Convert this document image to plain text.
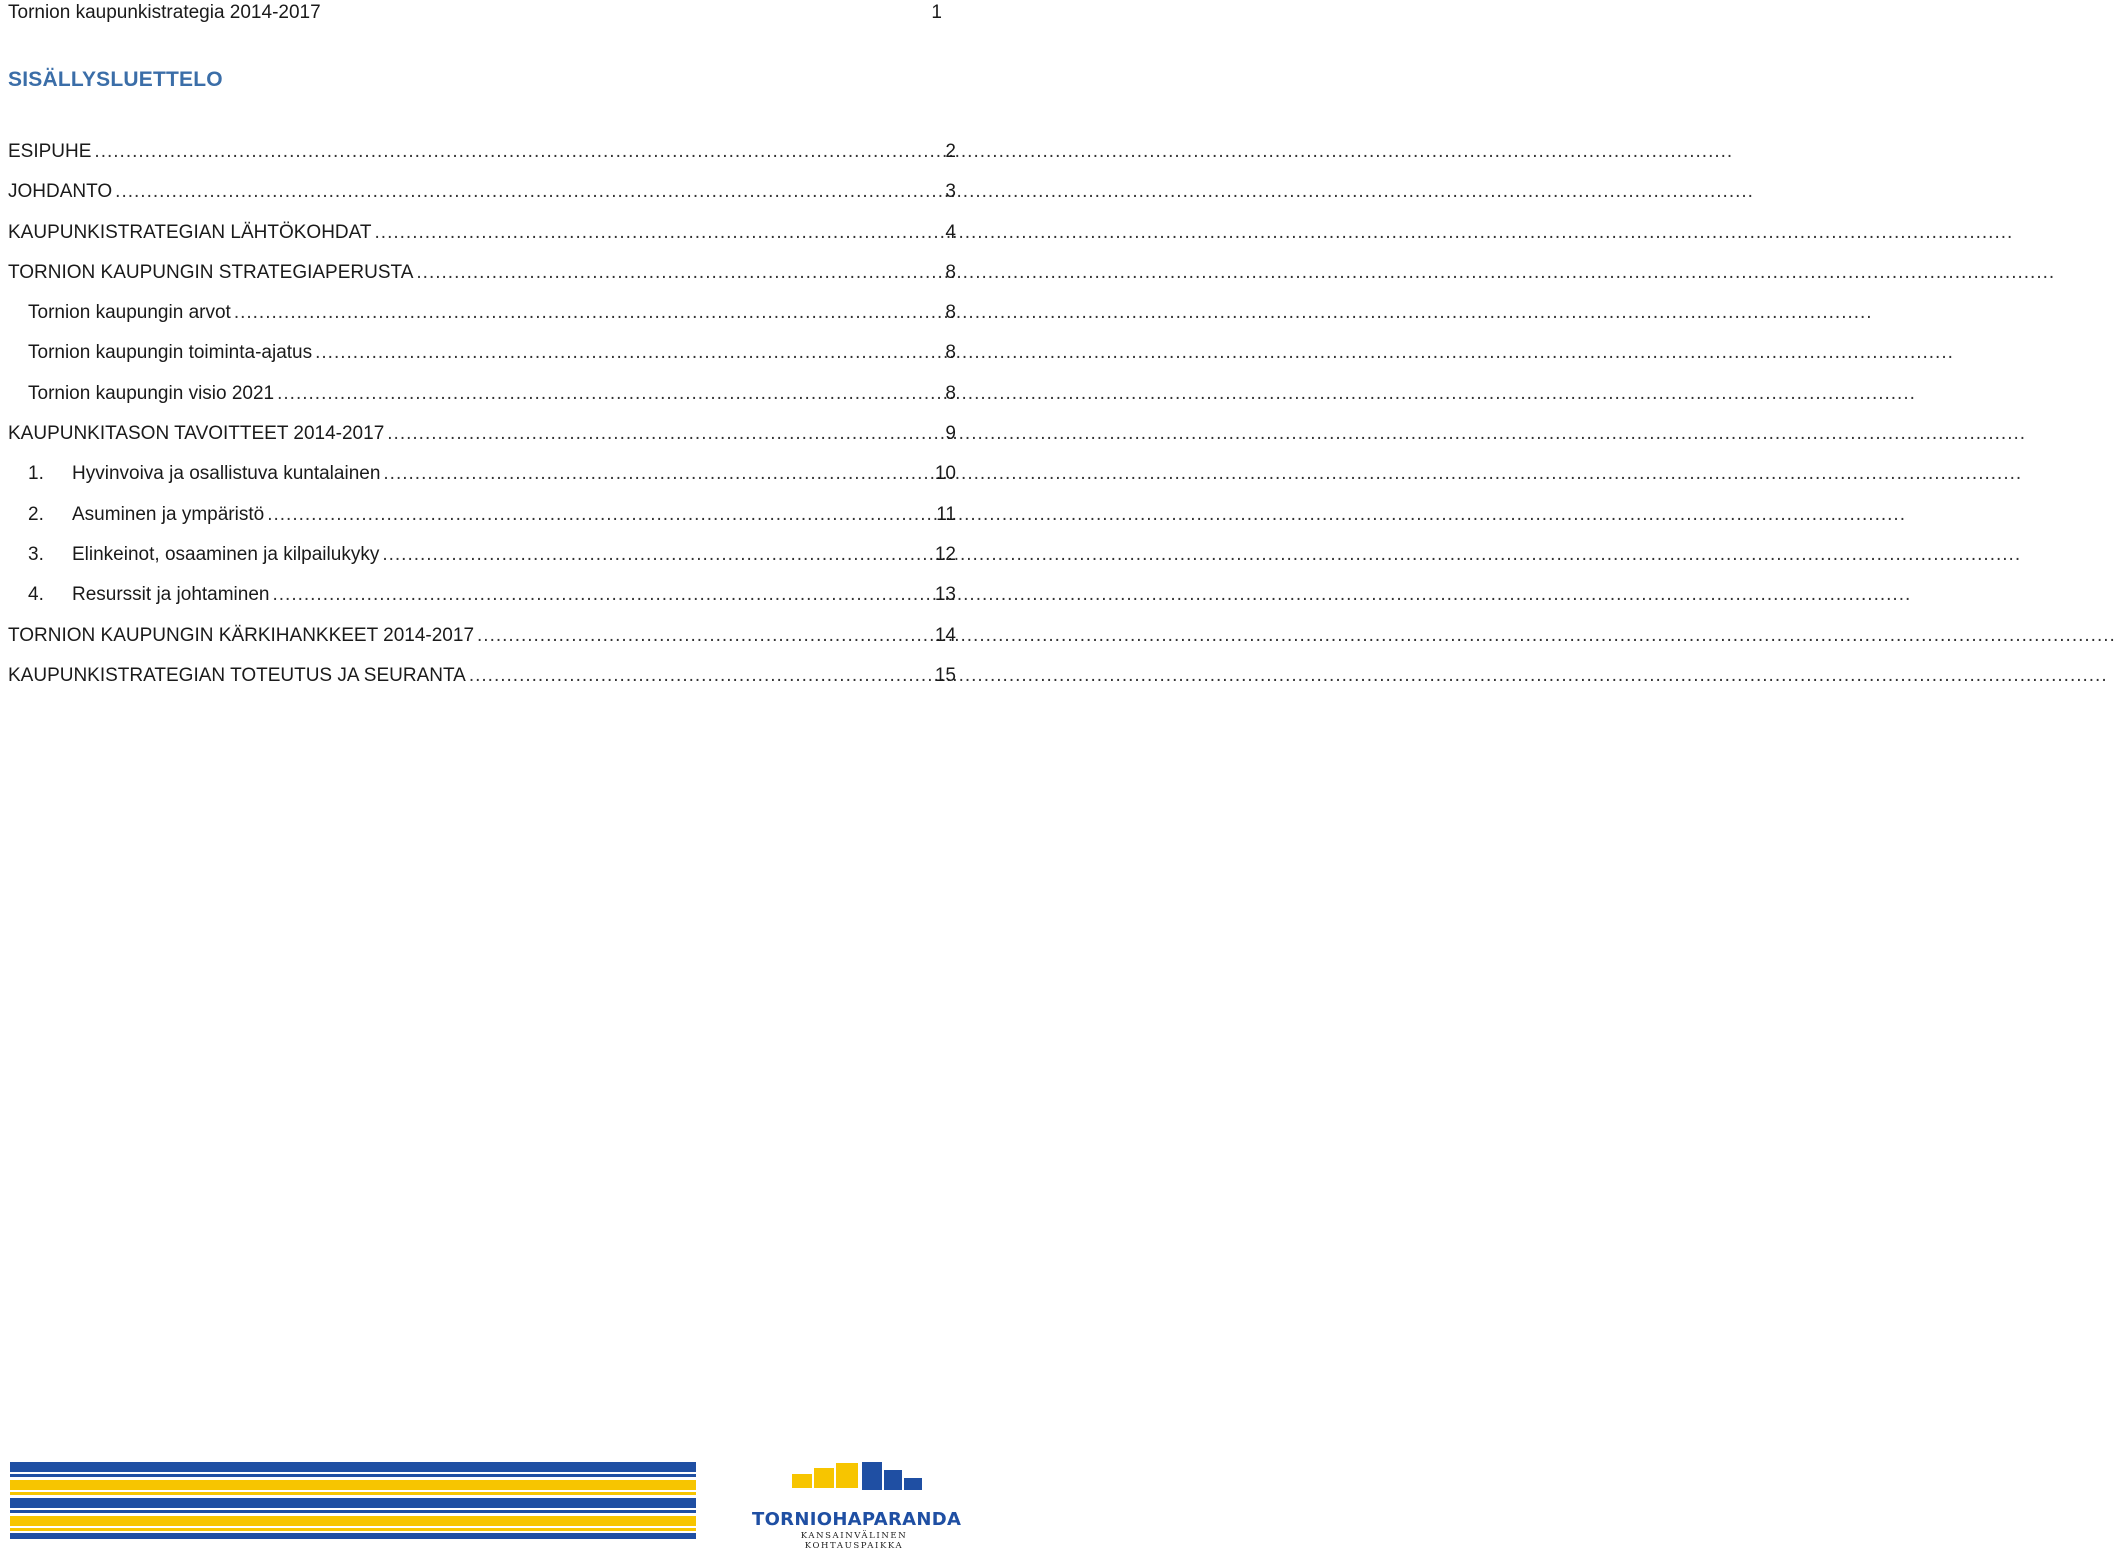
Tornion kaupunkistrategia 2014-2017	1
SISÄLLYSLUETTELO
ESIPUHE .....	2
JOHDANTO .....	3
KAUPUNKISTRATEGIAN LÄHTÖKOHDAT .....	4
TORNION KAUPUNGIN STRATEGIAPERUSTA .....	8
Tornion kaupungin arvot .....	8
Tornion kaupungin toiminta-ajatus .....	8
Tornion kaupungin visio 2021 .....	8
KAUPUNKITASON TAVOITTEET 2014-2017 .....	9
1.	Hyvinvoiva ja osallistuva kuntalainen .....	10
2.	Asuminen ja ympäristö .....	11
3.	Elinkeinot, osaaminen ja kilpailukyky .....	12
4.	Resurssit ja johtaminen .....	13
TORNION KAUPUNGIN KÄRKIHANKKEET 2014-2017 .....	14
KAUPUNKISTRATEGIAN TOTEUTUS JA SEURANTA .....	15
TORNIOHAPARANDA
KANSAINVÄLINEN KOHTAUSPAIKKA
